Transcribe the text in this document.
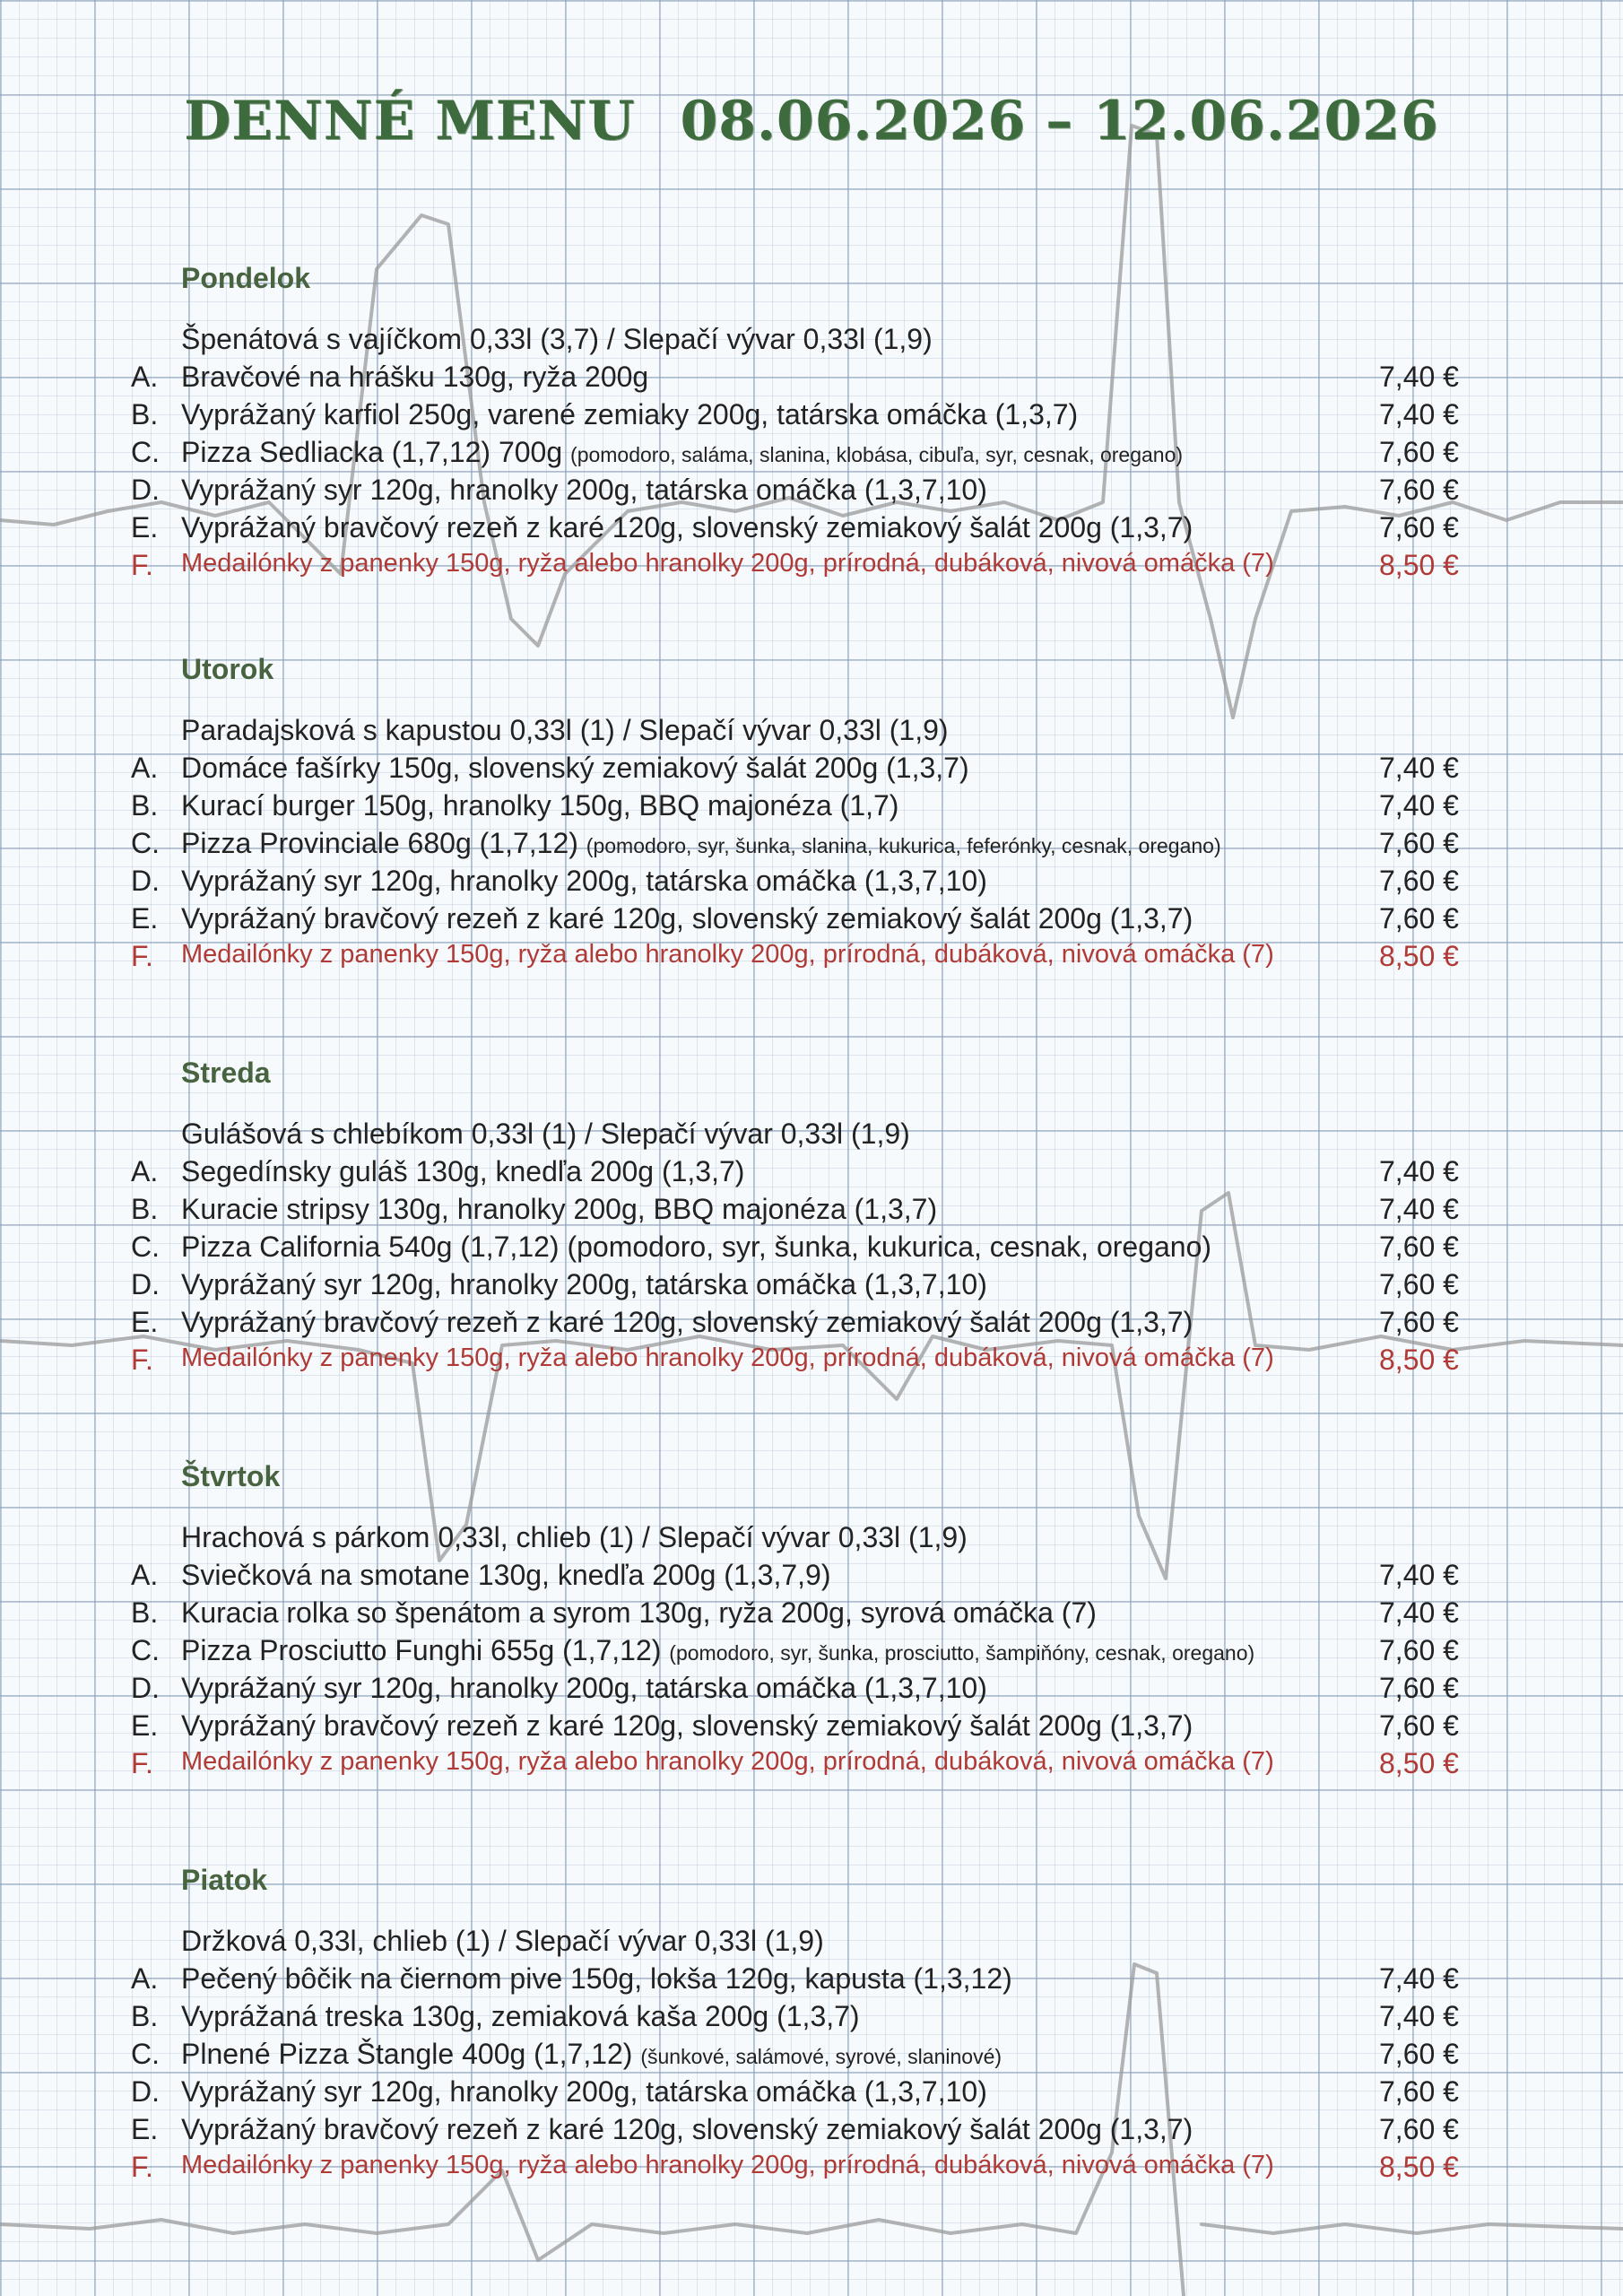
DENNÉ MENU 08.06.2026 – 12.06.2026
Pondelok
Špenátová s vajíčkom 0,33l (3,7) / Slepačí vývar 0,33l (1,9)
A. Bravčové na hrášku 130g, ryža 200g	7,40 €
B. Vyprážaný karfiol 250g, varené zemiaky 200g, tatárska omáčka (1,3,7)	7,40 €
C. Pizza Sedliacka (1,7,12) 700g (pomodoro, saláma, slanina, klobása, cibuľa, syr, cesnak, oregano)	7,60 €
D. Vyprážaný syr 120g, hranolky 200g, tatárska omáčka (1,3,7,10)	7,60 €
E. Vyprážaný bravčový rezeň z karé 120g, slovenský zemiakový šalát 200g (1,3,7)	7,60 €
F.	Medailónky z panenky 150g, ryža alebo hranolky 200g, prírodná, dubáková, nivová omáčka (7)	8,50 €
Utorok
Paradajsková s kapustou 0,33l (1) / Slepačí vývar 0,33l (1,9)
A. Domáce fašírky 150g, slovenský zemiakový šalát 200g (1,3,7)	7,40 €
B. Kurací burger 150g, hranolky 150g, BBQ majonéza (1,7)	7,40 €
C. Pizza Provinciale 680g (1,7,12) (pomodoro, syr, šunka, slanina, kukurica, feferónky, cesnak, oregano)	7,60 €
D. Vyprážaný syr 120g, hranolky 200g, tatárska omáčka (1,3,7,10)	7,60 €
E. Vyprážaný bravčový rezeň z karé 120g, slovenský zemiakový šalát 200g (1,3,7)	7,60 €
F.	Medailónky z panenky 150g, ryža alebo hranolky 200g, prírodná, dubáková, nivová omáčka (7)	8,50 €
Streda
Gulášová s chlebíkom 0,33l (1) / Slepačí vývar 0,33l (1,9)
A. Segedínsky guláš 130g, knedľa 200g (1,3,7)	7,40 €
B. Kuracie stripsy 130g, hranolky 200g, BBQ majonéza (1,3,7)	7,40 €
C. Pizza California 540g (1,7,12) (pomodoro, syr, šunka, kukurica, cesnak, oregano)	7,60 €
D. Vyprážaný syr 120g, hranolky 200g, tatárska omáčka (1,3,7,10)	7,60 €
E. Vyprážaný bravčový rezeň z karé 120g, slovenský zemiakový šalát 200g (1,3,7)	7,60 €
F.	Medailónky z panenky 150g, ryža alebo hranolky 200g, prírodná, dubáková, nivová omáčka (7)	8,50 €
Štvrtok
Hrachová s párkom 0,33l, chlieb (1) / Slepačí vývar 0,33l (1,9)
A. Sviečková na smotane 130g, knedľa 200g (1,3,7,9)	7,40 €
B. Kuracia rolka so špenátom a syrom 130g, ryža 200g, syrová omáčka (7)	7,40 €
C. Pizza Prosciutto Funghi 655g (1,7,12) (pomodoro, syr, šunka, prosciutto, šampiňóny, cesnak, oregano)	7,60 €
D. Vyprážaný syr 120g, hranolky 200g, tatárska omáčka (1,3,7,10)	7,60 €
E. Vyprážaný bravčový rezeň z karé 120g, slovenský zemiakový šalát 200g (1,3,7)	7,60 €
F.	Medailónky z panenky 150g, ryža alebo hranolky 200g, prírodná, dubáková, nivová omáčka (7)	8,50 €
Piatok
Držková 0,33l, chlieb (1) / Slepačí vývar 0,33l (1,9)
A. Pečený bôčik na čiernom pive 150g, lokša 120g, kapusta (1,3,12)	7,40 €
B. Vyprážaná treska 130g, zemiaková kaša 200g (1,3,7)	7,40 €
C. Plnené Pizza Štangle 400g (1,7,12) (šunkové, salámové, syrové, slaninové)	7,60 €
D. Vyprážaný syr 120g, hranolky 200g, tatárska omáčka (1,3,7,10)	7,60 €
E. Vyprážaný bravčový rezeň z karé 120g, slovenský zemiakový šalát 200g (1,3,7)	7,60 €
F.	Medailónky z panenky 150g, ryža alebo hranolky 200g, prírodná, dubáková, nivová omáčka (7)	8,50 €
